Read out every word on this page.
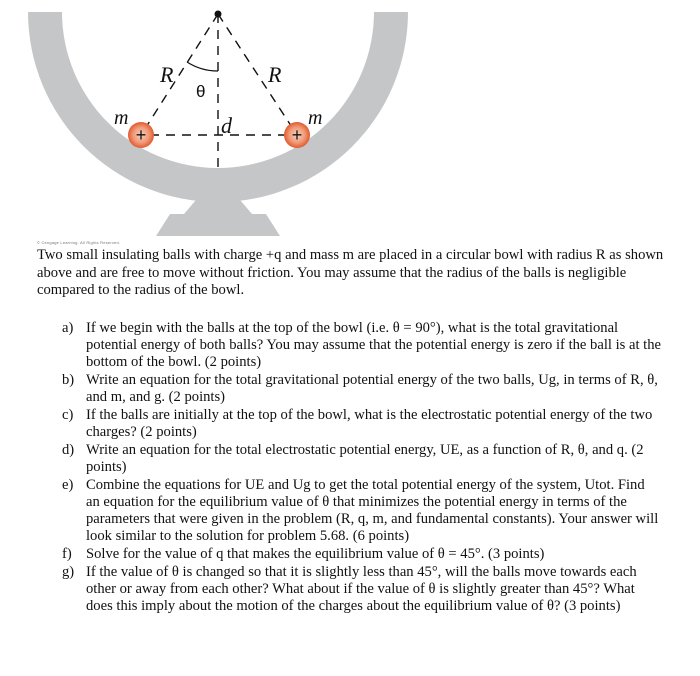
+	+
R	R
θ
d
m	m
© Cengage Learning. All Rights Reserved.
Two small insulating balls with charge +q and mass m are placed in a circular bowl with radius R as shown above and are free to move without friction. You may assume that the radius of the balls is negligible compared to the radius of the bowl.
a) If we begin with the balls at the top of the bowl (i.e. θ = 90°), what is the total gravitational potential energy of both balls? You may assume that the potential energy is zero if the ball is at the bottom of the bowl. (2 points)
b) Write an equation for the total gravitational potential energy of the two balls, Ug, in terms of R, θ, and m, and g. (2 points)
c) If the balls are initially at the top of the bowl, what is the electrostatic potential energy of the two charges? (2 points)
d) Write an equation for the total electrostatic potential energy, UE, as a function of R, θ, and q. (2 points)
e) Combine the equations for UE and Ug to get the total potential energy of the system, Utot. Find an equation for the equilibrium value of θ that minimizes the potential energy in terms of the parameters that were given in the problem (R, q, m, and fundamental constants). Your answer will look similar to the solution for problem 5.68. (6 points)
f) Solve for the value of q that makes the equilibrium value of θ = 45°. (3 points)
g) If the value of θ is changed so that it is slightly less than 45°, will the balls move towards each other or away from each other? What about if the value of θ is slightly greater than 45°? What does this imply about the motion of the charges about the equilibrium value of θ? (3 points)
